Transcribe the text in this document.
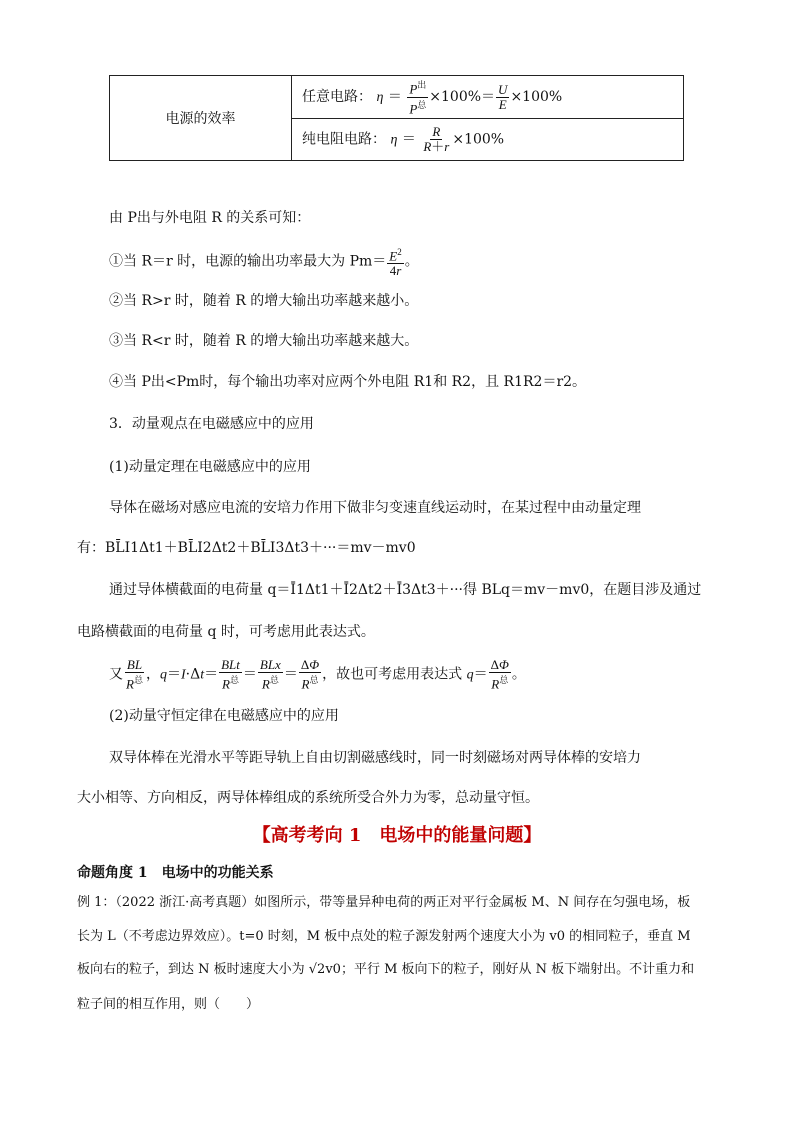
电源的效率	任意电路： $\eta = \frac{P^出}{P^总} \times 100\%= \frac{U}{E} \times 100\%$
纯电阻电路： $\eta = \frac{R}{R+r} \times 100\%$
由 P出与外电阻 R 的关系可知：
①当 R＝r 时，电源的输出功率最大为 $Pm= \frac{E^2}{4r}$ 。
②当 R>r 时，随着 R 的增大输出功率越来越小。
③当 R<r 时，随着 R 的增大输出功率越来越大。
④当 P出<Pm时，每个输出功率对应两个外电阻 R1和 R2，且 R1R2＝r2。
3．动量观点在电磁感应中的应用
(1)动量定理在电磁感应中的应用
导体在磁场对感应电流的安培力作用下做非匀变速直线运动时，在某过程中由动量定理
有：BL̄I1Δt1＋BL̄I2Δt2＋BL̄I3Δt3＋···＝mv－mv0
通过导体横截面的电荷量 q＝Ī1Δt1＋Ī2Δt2＋Ī3Δt3＋···得 BLq＝mv－mv0，在题目涉及通过
电路横截面的电荷量 q 时，可考虑用此表达式。
又 $\frac{BL}{R^总}$ ，$q=I\cdot\Delta t= \frac{\text{BLt}}{R^总} = \frac{\text{BLx}}{R^总} = \frac{\Delta\Phi}{R^总}$ ，故也可考虑用表达式 $q= \frac{\Delta\Phi}{R^总}$ 。
(2)动量守恒定律在电磁感应中的应用
双导体棒在光滑水平等距导轨上自由切割磁感线时，同一时刻磁场对两导体棒的安培力
大小相等、方向相反，两导体棒组成的系统所受合外力为零，总动量守恒。
【高考考向 1　电场中的能量问题】
命题角度 1　电场中的功能关系
例 1：（2022 浙江·高考真题）如图所示，带等量异种电荷的两正对平行金属板 M、N 间存在匀强电场，板
长为 L（不考虑边界效应）。t=0 时刻，M 板中点处的粒子源发射两个速度大小为 v0 的相同粒子，垂直 M
板向右的粒子，到达 N 板时速度大小为 √2v0；平行 M 板向下的粒子，刚好从 N 板下端射出。不计重力和
粒子间的相互作用，则（　　）
